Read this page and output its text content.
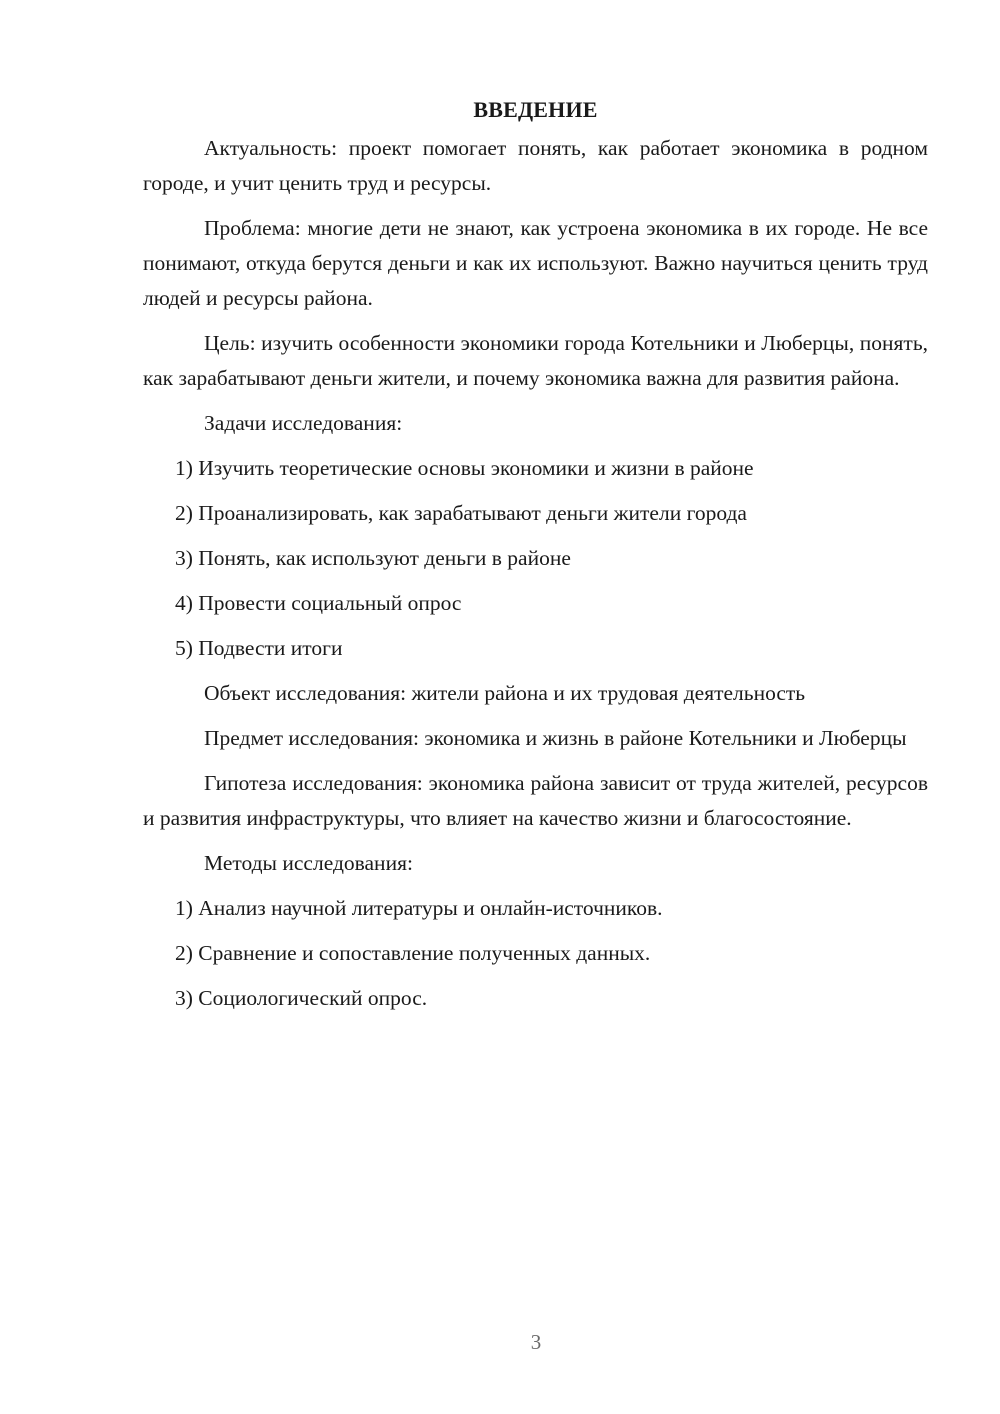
ВВЕДЕНИЕ

Актуальность: проект помогает понять, как работает экономика в родном городе, и учит ценить труд и ресурсы.

Проблема: многие дети не знают, как устроена экономика в их городе. Не все понимают, откуда берутся деньги и как их используют. Важно научиться ценить труд людей и ресурсы района.

Цель: изучить особенности экономики города Котельники и Люберцы, понять, как зарабатывают деньги жители, и почему экономика важна для развития района.

Задачи исследования:

1) Изучить теоретические основы экономики и жизни в районе

2) Проанализировать, как зарабатывают деньги жители города

3) Понять, как используют деньги в районе

4) Провести социальный опрос

5) Подвести итоги

Объект исследования: жители района и их трудовая деятельность

Предмет исследования: экономика и жизнь в районе Котельники и Люберцы

Гипотеза исследования: экономика района зависит от труда жителей, ресурсов и развития инфраструктуры, что влияет на качество жизни и благосостояние.

Методы исследования:

1) Анализ научной литературы и онлайн-источников.

2) Сравнение и сопоставление полученных данных.

3) Социологический опрос.

3
